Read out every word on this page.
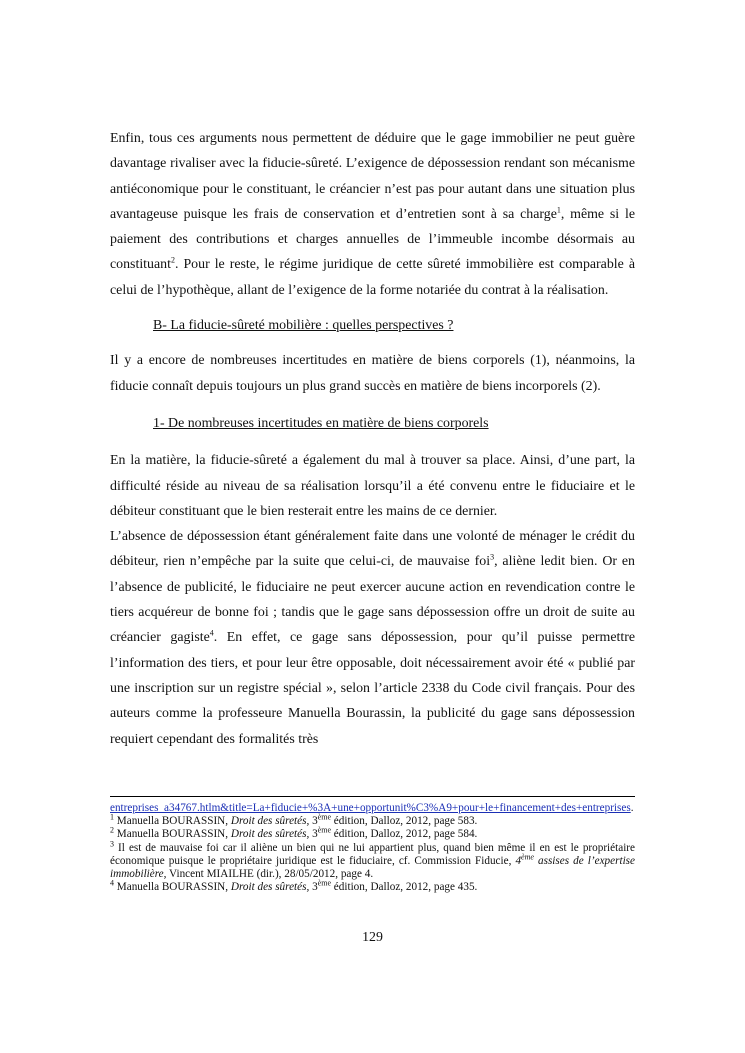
Enfin, tous ces arguments nous permettent de déduire que le gage immobilier ne peut guère davantage rivaliser avec la fiducie-sûreté. L’exigence de dépossession rendant son mécanisme antiéconomique pour le constituant, le créancier n’est pas pour autant dans une situation plus avantageuse puisque les frais de conservation et d’entretien sont à sa charge$^1$, même si le paiement des contributions et charges annuelles de l’immeuble incombe désormais au constituant$^2$. Pour le reste, le régime juridique de cette sûreté immobilière est comparable à celui de l’hypothèque, allant de l’exigence de la forme notariée du contrat à la réalisation.

B- La fiducie-sûreté mobilière : quelles perspectives ?

Il y a encore de nombreuses incertitudes en matière de biens corporels (1), néanmoins, la fiducie connaît depuis toujours un plus grand succès en matière de biens incorporels (2).

1- De nombreuses incertitudes en matière de biens corporels

En la matière, la fiducie-sûreté a également du mal à trouver sa place. Ainsi, d’une part, la difficulté réside au niveau de sa réalisation lorsqu’il a été convenu entre le fiduciaire et le débiteur constituant que le bien resterait entre les mains de ce dernier.

L’absence de dépossession étant généralement faite dans une volonté de ménager le crédit du débiteur, rien n’empêche par la suite que celui-ci, de mauvaise foi$^3$, aliène ledit bien. Or en l’absence de publicité, le fiduciaire ne peut exercer aucune action en revendication contre le tiers acquéreur de bonne foi ; tandis que le gage sans dépossession offre un droit de suite au créancier gagiste$^4$. En effet, ce gage sans dépossession, pour qu’il puisse permettre l’information des tiers, et pour leur être opposable, doit nécessairement avoir été « publié par une inscription sur un registre spécial », selon l’article 2338 du Code civil français. Pour des auteurs comme la professeure Manuella Bourassin, la publicité du gage sans dépossession requiert cependant des formalités très

entreprises_a34767.htlm&title=La+fiducie+%3A+une+opportunit%C3%A9+pour+le+financement+des+entreprises.

$^1$ Manuella BOURASSIN, Droit des sûretés, 3ème édition, Dalloz, 2012, page 583.

$^2$ Manuella BOURASSIN, Droit des sûretés, 3ème édition, Dalloz, 2012, page 584.

$^3$ Il est de mauvaise foi car il aliène un bien qui ne lui appartient plus, quand bien même il en est le propriétaire économique puisque le propriétaire juridique est le fiduciaire, cf. Commission Fiducie, 4ème assises de l’expertise immobilière, Vincent MIAILHE (dir.), 28/05/2012, page 4.

$^4$ Manuella BOURASSIN, Droit des sûretés, 3ème édition, Dalloz, 2012, page 435.

129
